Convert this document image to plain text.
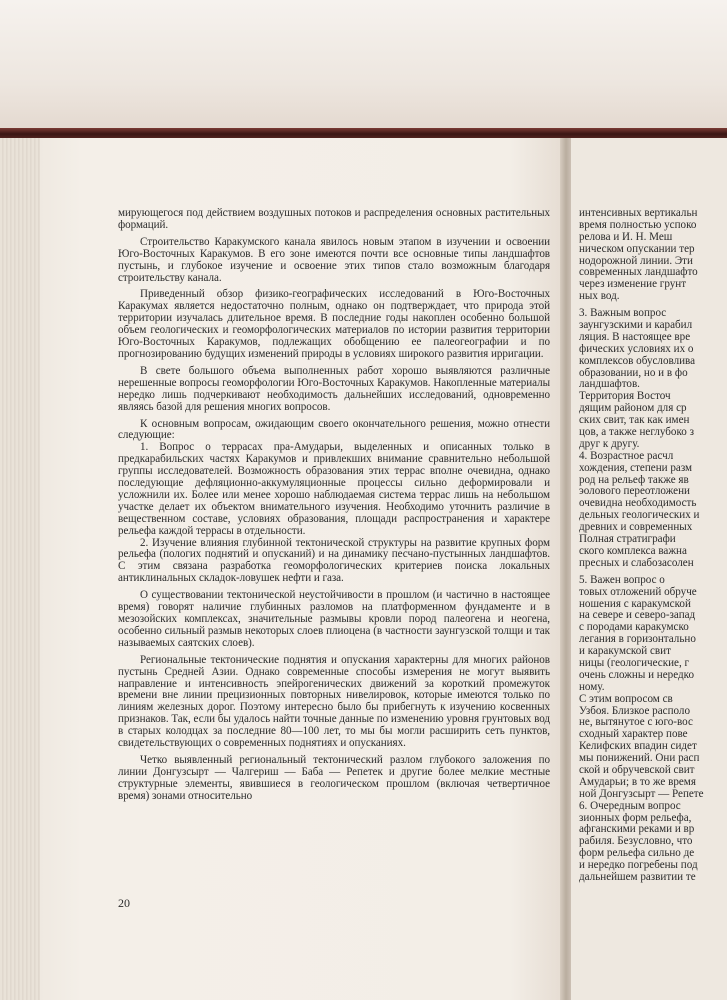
мирующегося под действием воздушных потоков и распределения основных растительных формаций.

Строительство Каракумского канала явилось новым этапом в изучении и освоении Юго-Восточных Каракумов. В его зоне имеются почти все основные типы ландшафтов пустынь, и глубокое изучение и освоение этих типов стало возможным благодаря строительству канала.

Приведенный обзор физико-географических исследований в Юго-Восточных Каракумах является недостаточно полным, однако он подтверждает, что природа этой территории изучалась длительное время. В последние годы накоплен особенно большой объем геологических и геоморфологических материалов по истории развития территории Юго-Восточных Каракумов, подлежащих обобщению ее палеогеографии и по прогнозированию будущих изменений природы в условиях широкого развития ирригации.

В свете большого объема выполненных работ хорошо выявляются различные нерешенные вопросы геоморфологии Юго-Восточных Каракумов. Накопленные материалы нередко лишь подчеркивают необходимость дальнейших исследований, одновременно являясь базой для решения многих вопросов.

К основным вопросам, ожидающим своего окончательного решения, можно отнести следующие:

1. Вопрос о террасах пра-Амударьи, выделенных и описанных только в предкарабильских частях Каракумов и привлекших внимание сравнительно небольшой группы исследователей. Возможность образования этих террас вполне очевидна, однако последующие дефляционно-аккумуляционные процессы сильно деформировали и усложнили их. Более или менее хорошо наблюдаемая система террас лишь на небольшом участке делает их объектом внимательного изучения. Необходимо уточнить различие в вещественном составе, условиях образования, площади распространения и характере рельефа каждой террасы в отдельности.

2. Изучение влияния глубинной тектонической структуры на развитие крупных форм рельефа (пологих поднятий и опусканий) и на динамику песчано-пустынных ландшафтов. С этим связана разработка геоморфологических критериев поиска локальных антиклинальных складок-ловушек нефти и газа.

О существовании тектонической неустойчивости в прошлом (и частично в настоящее время) говорят наличие глубинных разломов на платформенном фундаменте и в мезозойских комплексах, значительные размывы кровли пород палеогена и неогена, особенно сильный размыв некоторых слоев плиоцена (в частности заунгузской толщи и так называемых саятских слоев).

Региональные тектонические поднятия и опускания характерны для многих районов пустынь Средней Азии. Однако современные способы измерения не могут выявить направление и интенсивность эпейрогенических движений за короткий промежуток времени вне линии прецизионных повторных нивелировок, которые имеются только по линиям железных дорог. Поэтому интересно было бы прибегнуть к изучению косвенных признаков. Так, если бы удалось найти точные данные по изменению уровня грунтовых вод в старых колодцах за последние 80—100 лет, то мы бы могли расширить сеть пунктов, свидетельствующих о современных поднятиях и опусканиях.

Четко выявленный региональный тектонический разлом глубокого заложения по линии Донгузсырт — Чалгериш — Баба — Репетек и другие более мелкие местные структурные элементы, явившиеся в геологическом прошлом (включая четвертичное время) зонами относительно

20
интенсивных вертикальн
время полностью успоко
релова и И. Н. Меш
ническом опускании тер
нодорожной линии. Эти
современных ландшафто
через изменение грунт
ных вод.
3. Важным вопрос
заунгузскими и карабил
ляция. В настоящее вре
фических условиях их о
комплексов обусловлива
образовании, но и в фо
ландшафтов.
Территория Восточ
дящим районом для ср
ских свит, так как имен
цов, а также неглубоко з
друг к другу.
4. Возрастное расчл
хождения, степени разм
род на рельеф также яв
эолового переотложени
очевидна необходимость
дельных геологических и
древних и современных
Полная стратиграфи
ского комплекса важна
пресных и слабозасолен
5. Важен вопрос о
товых отложений обруче
ношения с каракумской
на севере и северо-запад
с породами каракумско
легания в горизонтально
и каракумской свит
ницы (геологические, г
очень сложны и нередко
ному.
С этим вопросом св
Узбоя. Близкое располо
не, вытянутое с юго-вос
сходный характер пове
Келифских впадин сидет
мы понижений. Они расп
ской и обручевской свит
Амударьи; в то же время
ной Донгузсырт — Репете
6. Очередным вопрос
зионных форм рельефа,
афганскими реками и вр
рабиля. Безусловно, что
форм рельефа сильно де
и нередко погребены под
дальнейшем развитии те
